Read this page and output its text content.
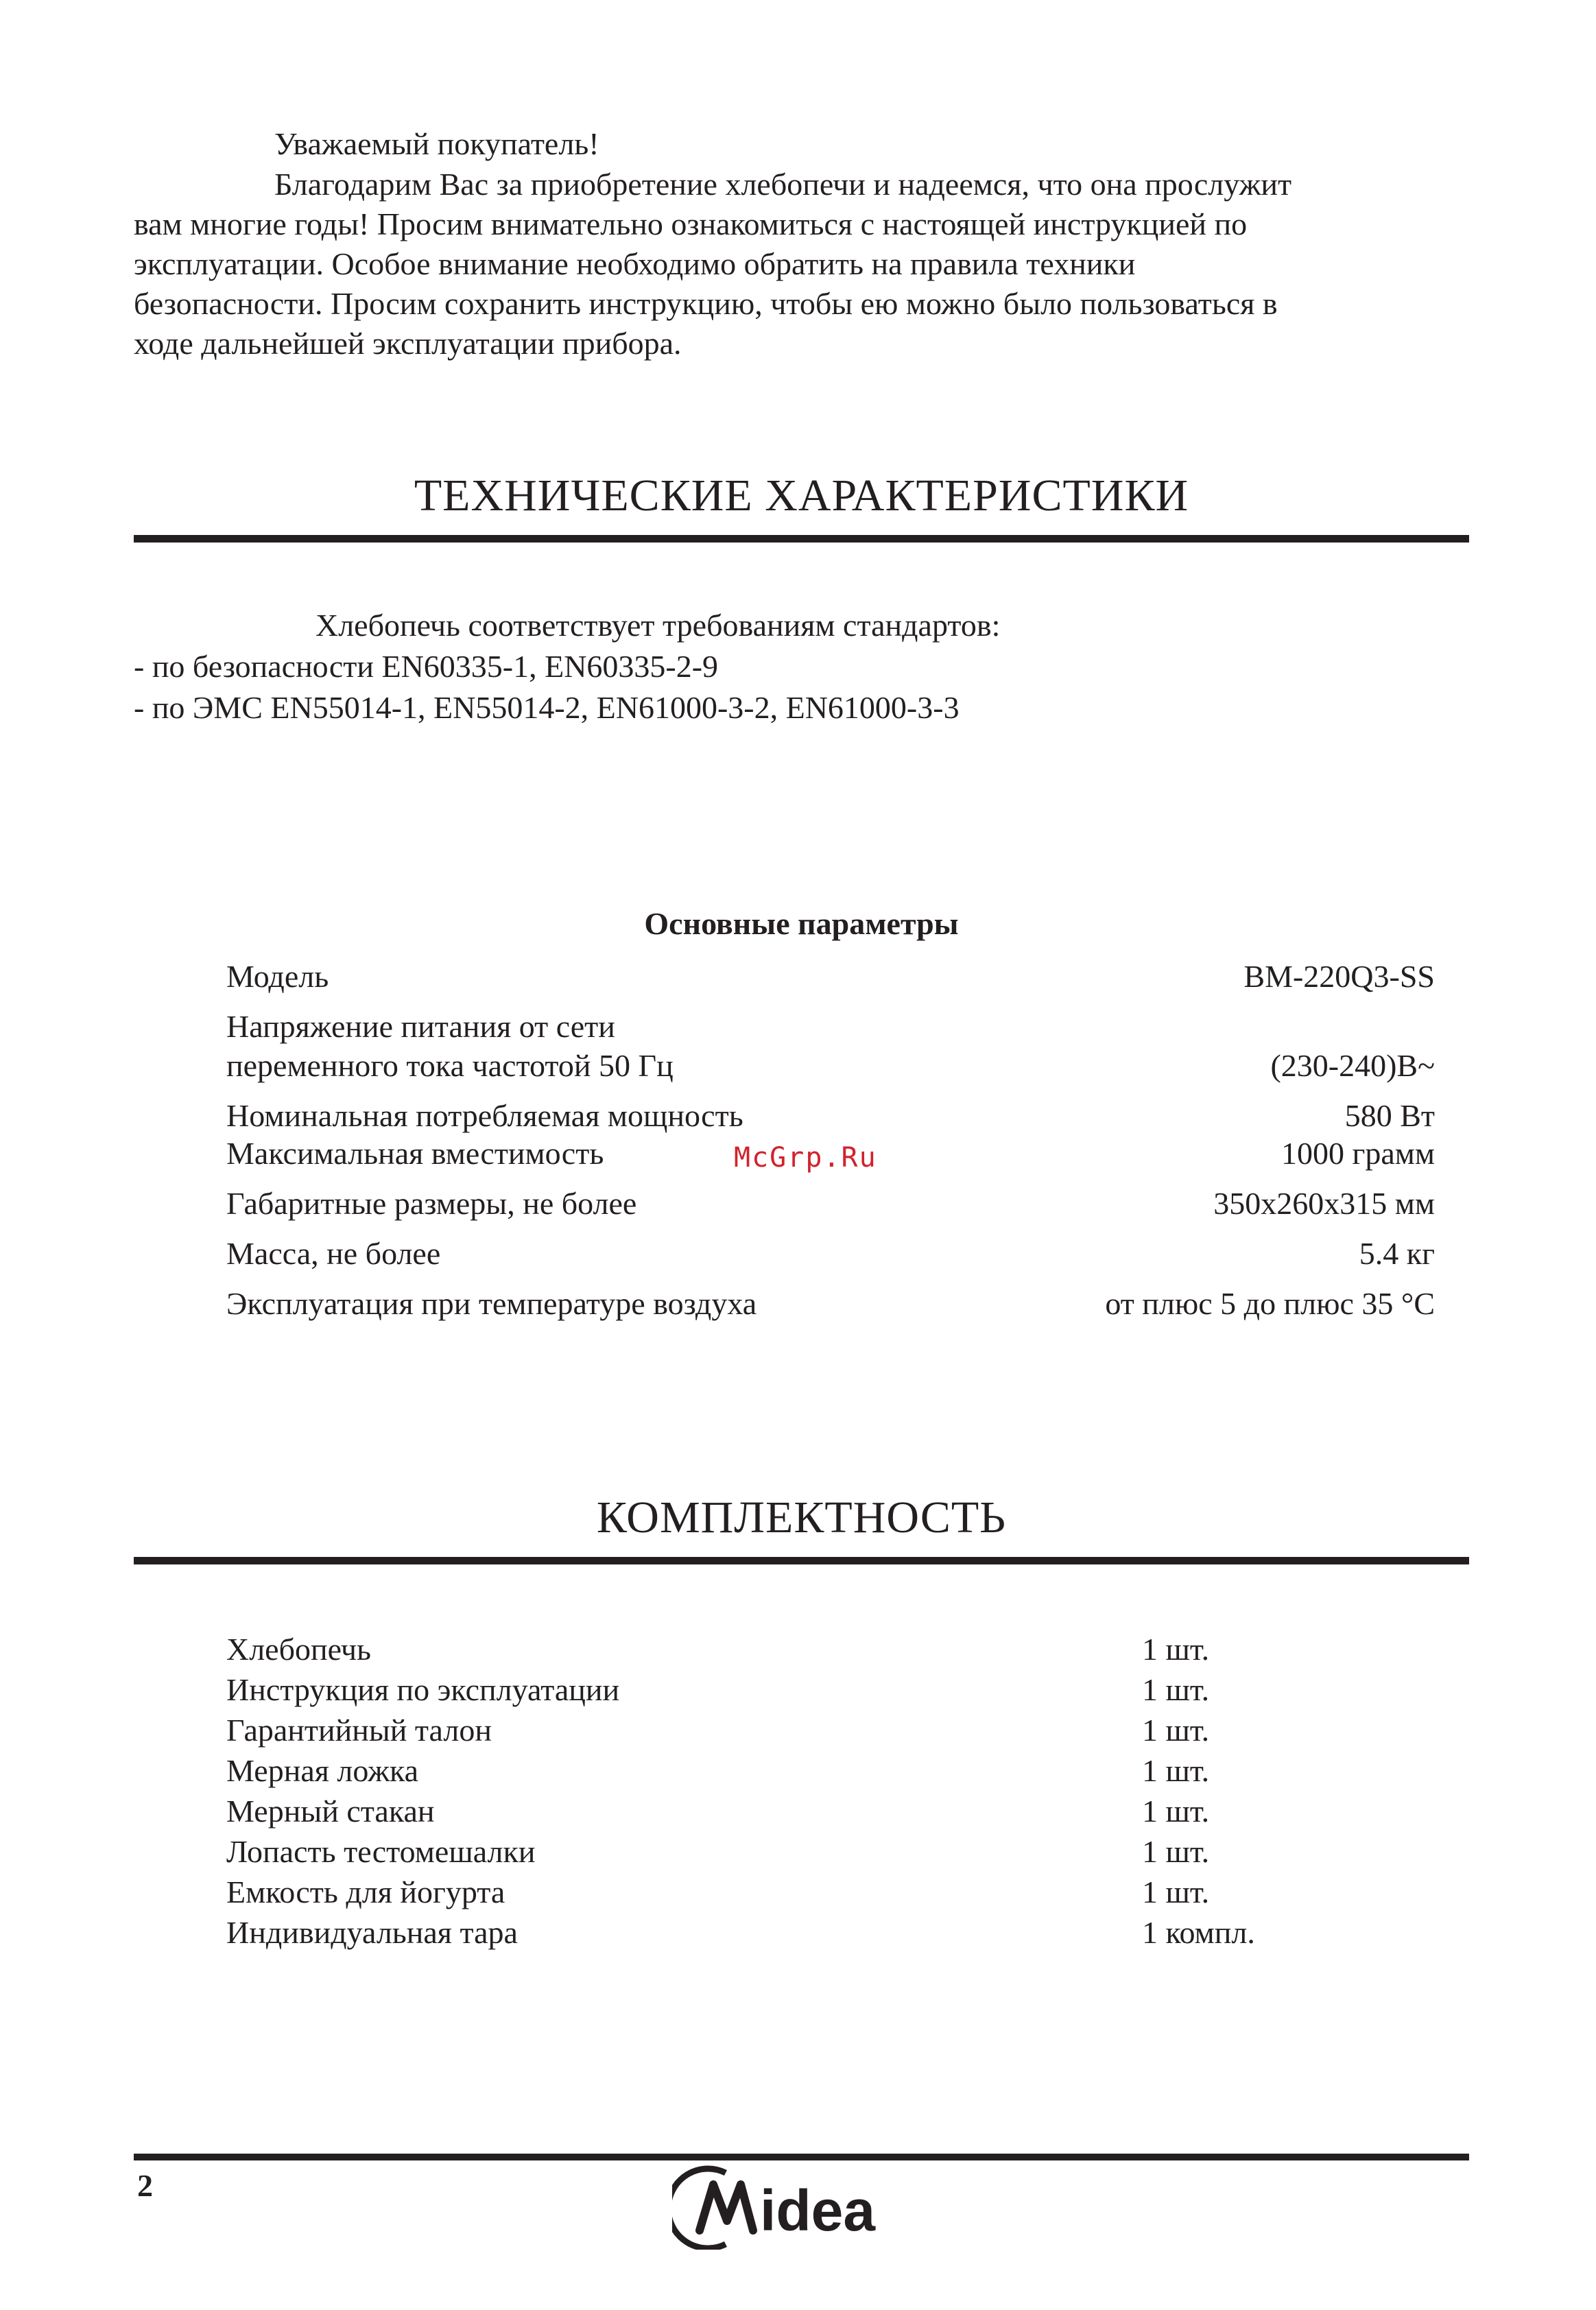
Уважаемый покупатель!
Благодарим Вас за приобретение хлебопечи и надеемся, что она прослужит
вам многие годы! Просим внимательно ознакомиться с настоящей инструкцией по
эксплуатации. Особое внимание необходимо обратить на правила техники
безопасности. Просим сохранить инструкцию, чтобы ею можно было пользоваться в
ходе дальнейшей эксплуатации прибора.
ТЕХНИЧЕСКИЕ ХАРАКТЕРИСТИКИ
Хлебопечь соответствует требованиям стандартов:
- по безопасности EN60335-1, EN60335-2-9
- по ЭМС EN55014-1, EN55014-2, EN61000-3-2, EN61000-3-3
Основные параметры
Модель	BM-220Q3-SS
Напряжение питания от сети
переменного тока частотой 50 Гц	(230-240)В~
Номинальная потребляемая мощность	580 Вт
Максимальная вместимость	1000 грамм
Габаритные размеры, не более	350x260x315 мм
Масса, не более	5.4 кг
Эксплуатация при температуре воздуха	от плюс 5 до плюс 35 °С
McGrp.Ru
КОМПЛЕКТНОСТЬ
Хлебопечь	1 шт.
Инструкция по эксплуатации	1 шт.
Гарантийный талон	1 шт.
Мерная ложка	1 шт.
Мерный стакан	1 шт.
Лопасть тестомешалки	1 шт.
Емкость для йогурта	1 шт.
Индивидуальная тара	1 компл.
2	idea
